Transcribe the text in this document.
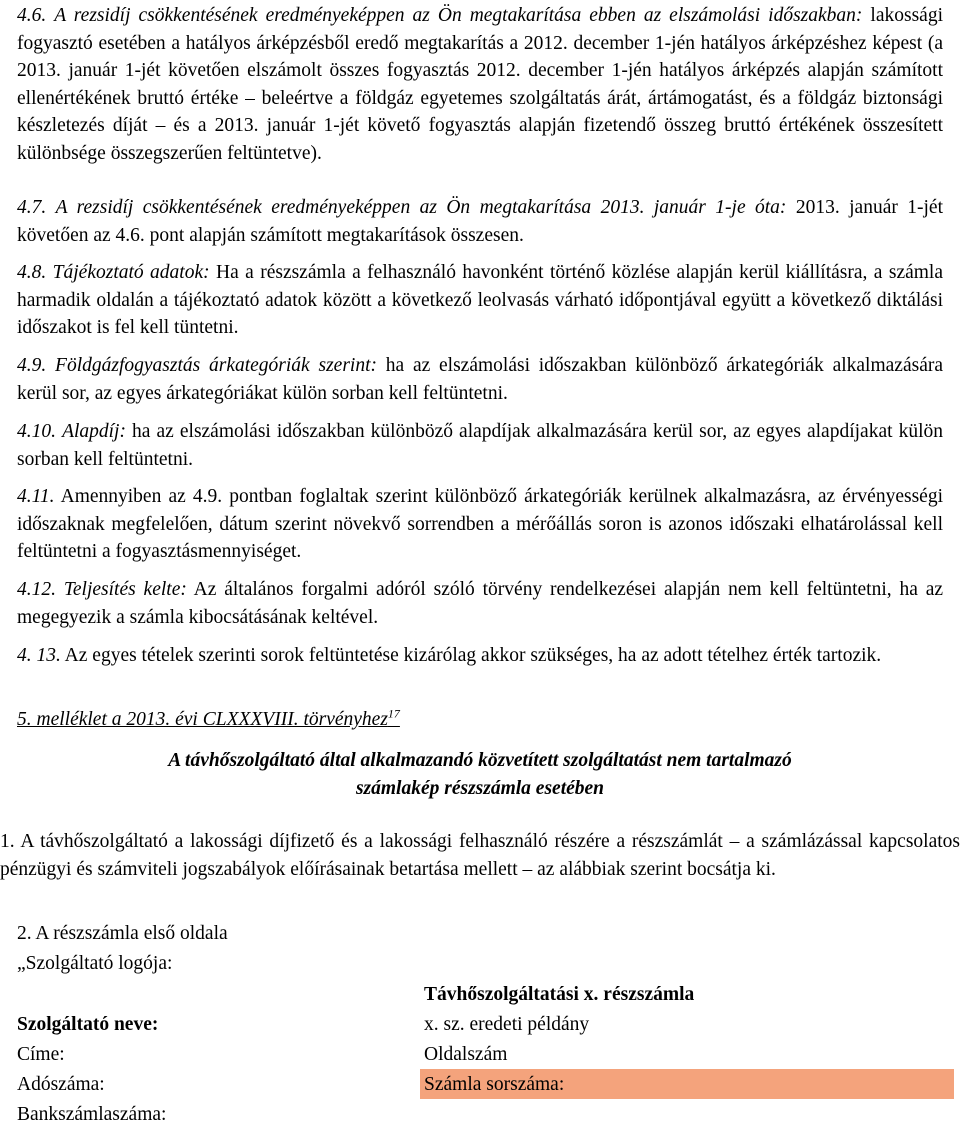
4.6. A rezsidíj csökkentésének eredményeképpen az Ön megtakarítása ebben az elszámolási időszakban: lakossági fogyasztó esetében a hatályos árképzésből eredő megtakarítás a 2012. december 1-jén hatályos árképzéshez képest (a 2013. január 1-jét követően elszámolt összes fogyasztás 2012. december 1-jén hatályos árképzés alapján számított ellenértékének bruttó értéke – beleértve a földgáz egyetemes szolgáltatás árát, ártámogatást, és a földgáz biztonsági készletezés díját – és a 2013. január 1-jét követő fogyasztás alapján fizetendő összeg bruttó értékének összesített különbsége összegszerűen feltüntetve).

4.7. A rezsidíj csökkentésének eredményeképpen az Ön megtakarítása 2013. január 1-je óta: 2013. január 1-jét követően az 4.6. pont alapján számított megtakarítások összesen.

4.8. Tájékoztató adatok: Ha a részszámla a felhasználó havonként történő közlése alapján kerül kiállításra, a számla harmadik oldalán a tájékoztató adatok között a következő leolvasás várható időpontjával együtt a következő diktálási időszakot is fel kell tüntetni.

4.9. Földgázfogyasztás árkategóriák szerint: ha az elszámolási időszakban különböző árkategóriák alkalmazására kerül sor, az egyes árkategóriákat külön sorban kell feltüntetni.

4.10. Alapdíj: ha az elszámolási időszakban különböző alapdíjak alkalmazására kerül sor, az egyes alapdíjakat külön sorban kell feltüntetni.

4.11. Amennyiben az 4.9. pontban foglaltak szerint különböző árkategóriák kerülnek alkalmazásra, az érvényességi időszaknak megfelelően, dátum szerint növekvő sorrendben a mérőállás soron is azonos időszaki elhatárolással kell feltüntetni a fogyasztásmennyiséget.

4.12. Teljesítés kelte: Az általános forgalmi adóról szóló törvény rendelkezései alapján nem kell feltüntetni, ha az megegyezik a számla kibocsátásának keltével.

4. 13. Az egyes tételek szerinti sorok feltüntetése kizárólag akkor szükséges, ha az adott tételhez érték tartozik.

5. melléklet a 2013. évi CLXXXVIII. törvényhez$^{17}$

A távhőszolgáltató által alkalmazandó közvetített szolgáltatást nem tartalmazó
számlakép részszámla esetében

1. A távhőszolgáltató a lakossági díjfizető és a lakossági felhasználó részére a részszámlát – a számlázással kapcsolatos pénzügyi és számviteli jogszabályok előírásainak betartása mellett – az alábbiak szerint bocsátja ki.

2. A részszámla első oldala

„Szolgáltató logója:

Távhőszolgáltatási x. részszámla
Szolgáltató neve:	x. sz. eredeti példány
Címe:	Oldalszám
Adószáma:	Számla sorszáma:
Bankszámlaszáma:
